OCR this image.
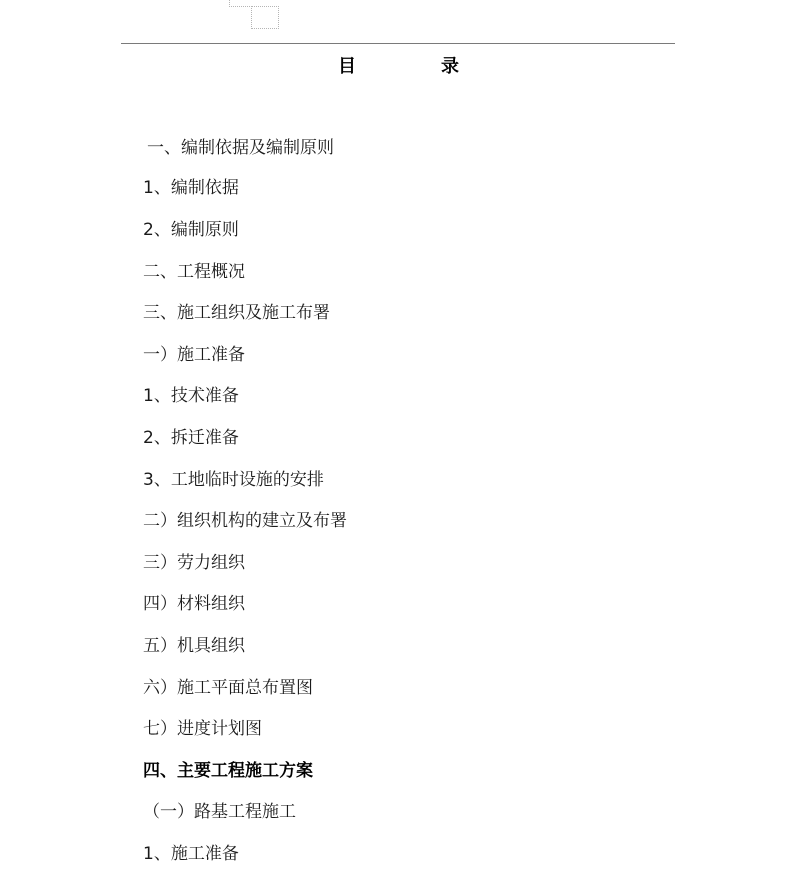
目	录
一、编制依据及编制原则
1、编制依据
2、编制原则
二、工程概况
三、施工组织及施工布署
一）施工准备
1、技术准备
2、拆迁准备
3、工地临时设施的安排
二）组织机构的建立及布署
三）劳力组织
四）材料组织
五）机具组织
六）施工平面总布置图
七）进度计划图
四、主要工程施工方案
（一）路基工程施工
1、施工准备
